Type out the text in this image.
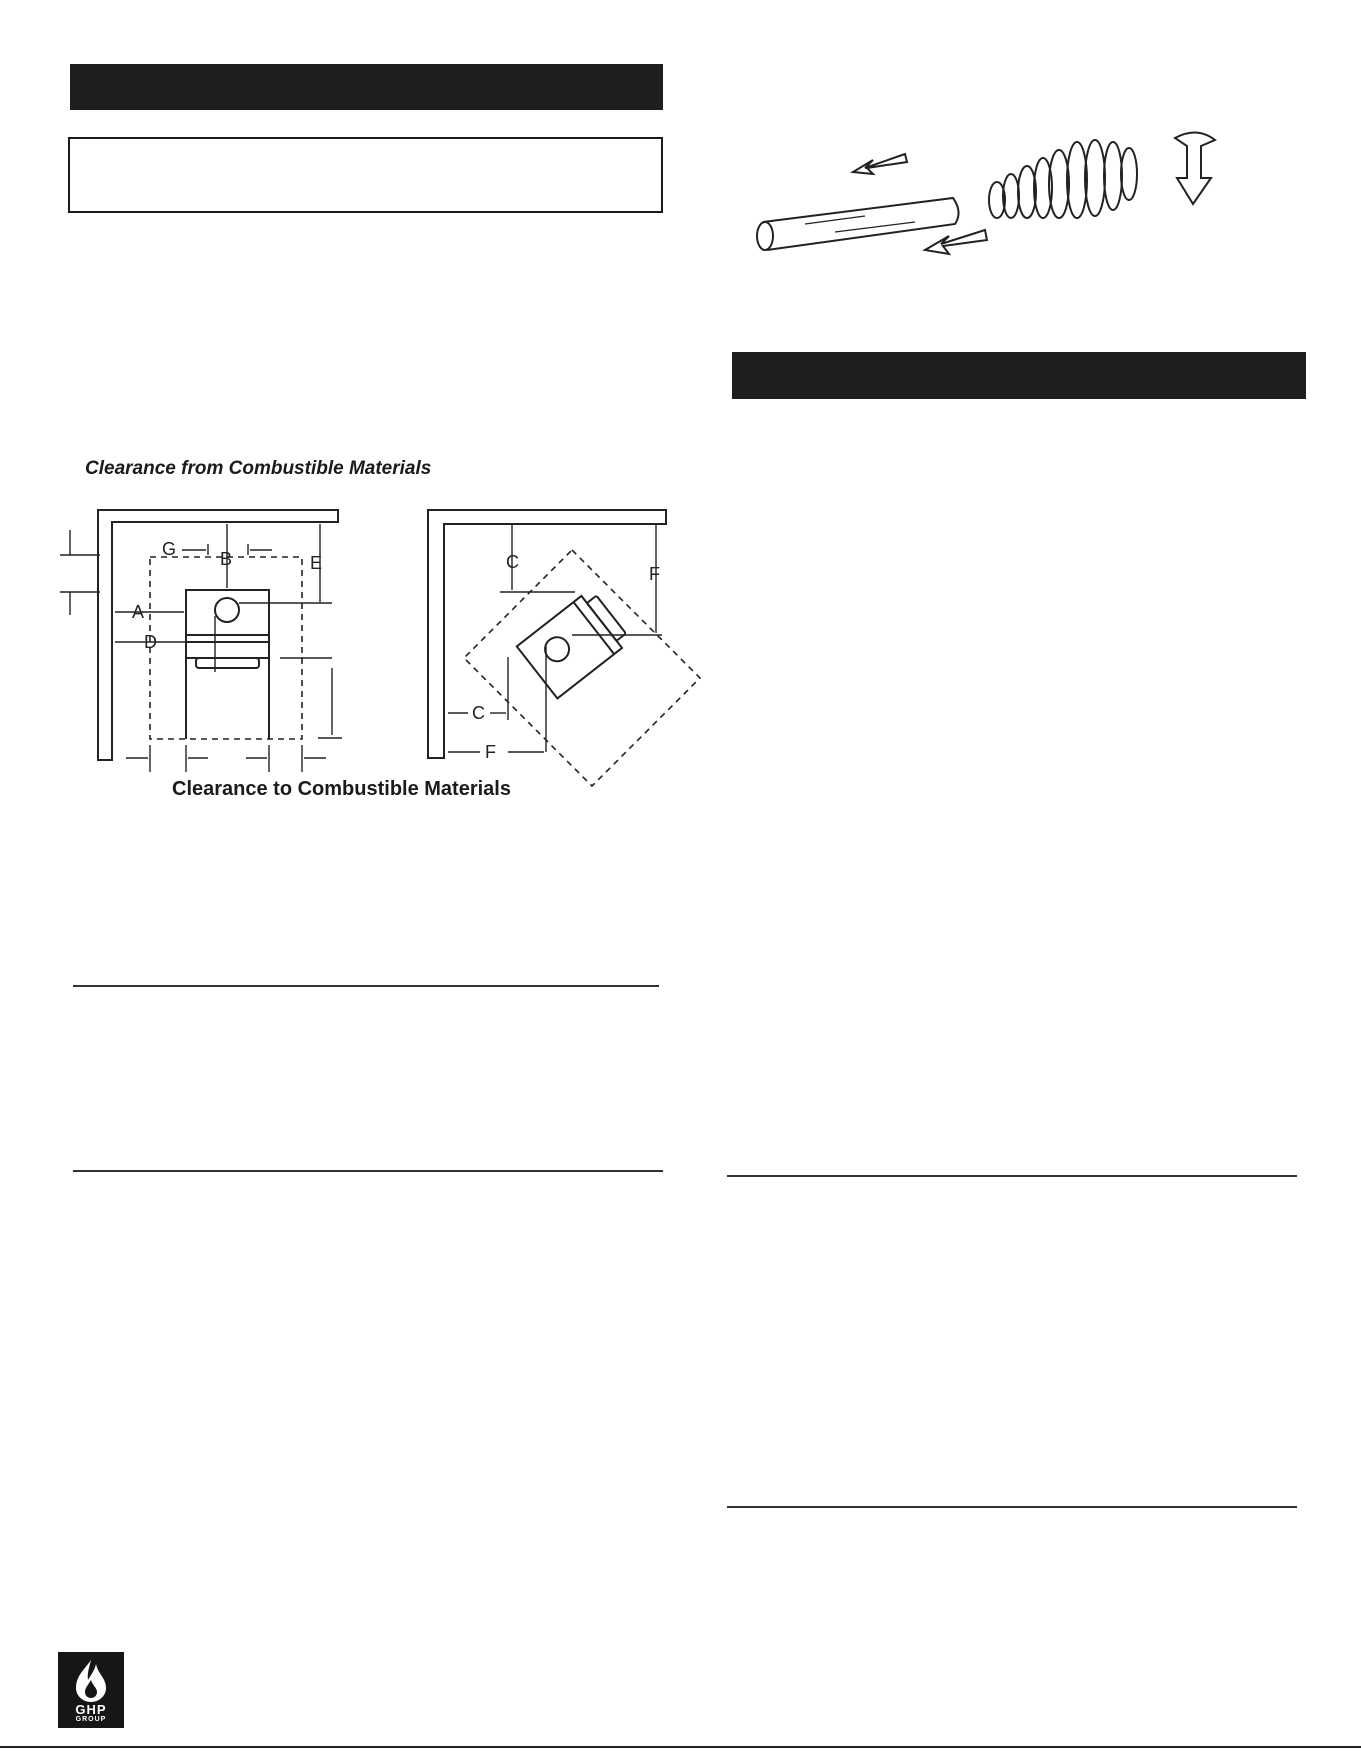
Clearance from Combustible Materials
G B	E
A
D
C
F
C
F
Clearance to Combustible Materials
GHP
GROUP
